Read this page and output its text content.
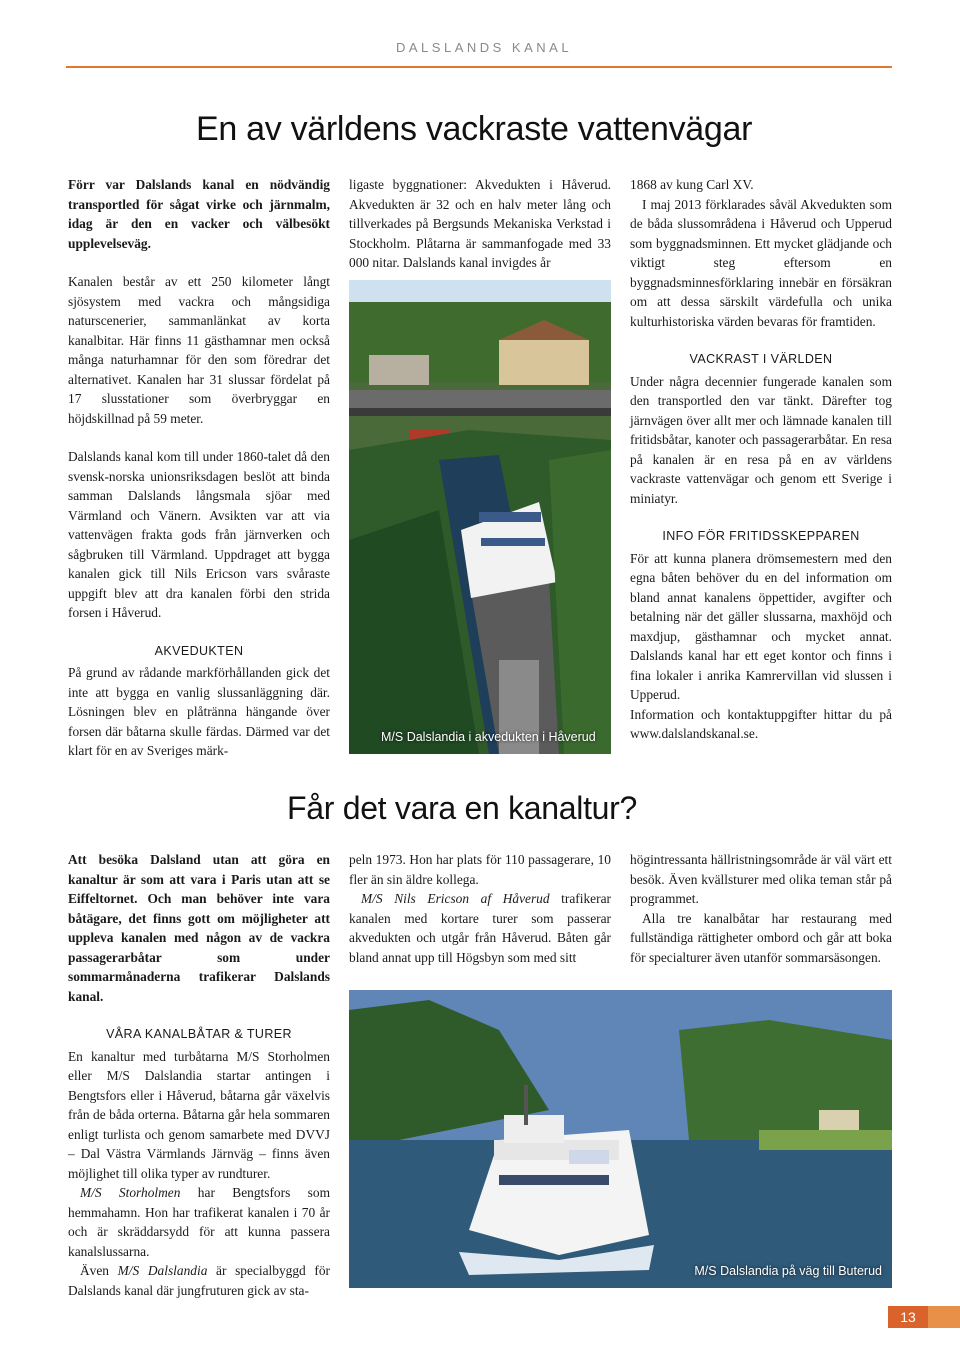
DALSLANDS KANAL
En av världens vackraste vattenvägar

Förr var Dalslands kanal en nödvändig transportled för sågat virke och järnmalm, idag är den en vacker och välbesökt upplevelseväg.

Kanalen består av ett 250 kilometer långt sjösystem med vackra och mångsidiga naturscenerier, sammanlänkat av korta kanalbitar. Här finns 11 gästhamnar men också många naturhamnar för den som föredrar det alternativet. Kanalen har 31 slussar fördelat på 17 slusstationer som överbryggar en höjdskillnad på 59 meter.

Dalslands kanal kom till under 1860-talet då den svensk-norska unionsriksdagen beslöt att binda samman Dalslands långsmala sjöar med Värmland och Vänern. Avsikten var att via vattenvägen frakta gods från järnverken och sågbruken till Värmland. Uppdraget att bygga kanalen gick till Nils Ericson vars svåraste uppgift blev att dra kanalen förbi den strida forsen i Håverud.

AKVEDUKTEN

På grund av rådande markförhållanden gick det inte att bygga en vanlig slussanläggning där. Lösningen blev en plåtränna hängande över forsen där båtarna skulle färdas. Därmed var det klart för en av Sveriges märk-

ligaste byggnationer: Akvedukten i Håverud. Akvedukten är 32 och en halv meter lång och tillverkades på Bergsunds Mekaniska Verkstad i Stockholm. Plåtarna är sammanfogade med 33 000 nitar. Dalslands kanal invigdes år

M/S Dalslandia i akvedukten i Håverud

1868 av kung Carl XV.

I maj 2013 förklarades såväl Akvedukten som de båda slussområdena i Håverud och Upperud som byggnadsminnen. Ett mycket glädjande och viktigt steg eftersom en byggnadsminnesförklaring innebär en försäkran om att dessa särskilt värdefulla och unika kulturhistoriska värden bevaras för framtiden.

VACKRAST I VÄRLDEN

Under några decennier fungerade kanalen som den transportled den var tänkt. Därefter tog järnvägen över allt mer och lämnade kanalen till fritidsbåtar, kanoter och passagerarbåtar. En resa på kanalen är en resa på en av världens vackraste vattenvägar och genom ett Sverige i miniatyr.

INFO FÖR FRITIDSSKEPPAREN

För att kunna planera drömsemestern med den egna båten behöver du en del information om bland annat kanalens öppettider, avgifter och betalning när det gäller slussarna, maxhöjd och maxdjup, gästhamnar och mycket annat. Dalslands kanal har ett eget kontor och finns i fina lokaler i anrika Kamrervillan vid slussen i Upperud.

Information och kontaktuppgifter hittar du på www.dalslandskanal.se.

Får det vara en kanaltur?

Att besöka Dalsland utan att göra en kanaltur är som att vara i Paris utan att se Eiffeltornet. Och man behöver inte vara båtägare, det finns gott om möjligheter att uppleva kanalen med någon av de vackra passagerarbåtar som under sommarmånaderna trafikerar Dalslands kanal.

VÅRA KANALBÅTAR & TURER

En kanaltur med turbåtarna M/S Storholmen eller M/S Dalslandia startar antingen i Bengtsfors eller i Håverud, båtarna går växelvis från de båda orterna. Båtarna går hela sommaren enligt turlista och genom samarbete med DVVJ – Dal Västra Värmlands Järnväg – finns även möjlighet till olika typer av rundturer.

M/S Storholmen har Bengtsfors som hemmahamn. Hon har trafikerat kanalen i 70 år och är skräddarsydd för att kunna passera kanalslussarna.

Även M/S Dalslandia är specialbyggd för Dalslands kanal där jungfruturen gick av sta-

peln 1973. Hon har plats för 110 passagerare, 10 fler än sin äldre kollega.

M/S Nils Ericson af Håverud trafikerar kanalen med kortare turer som passerar akvedukten och utgår från Håverud. Båten går bland annat upp till Högsbyn som med sitt

högintressanta hällristningsområde är väl värt ett besök. Även kvällsturer med olika teman står på programmet.

Alla tre kanalbåtar har restaurang med fullständiga rättigheter ombord och går att boka för specialturer även utanför sommarsäsongen.

M/S Dalslandia på väg till Buterud
13
